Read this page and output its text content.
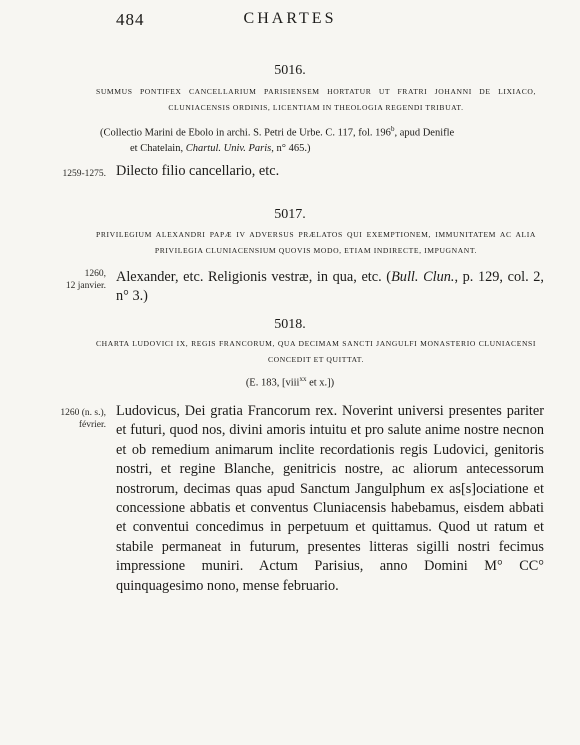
484	CHARTES
5016.
SUMMUS PONTIFEX CANCELLARIUM PARISIENSEM HORTATUR UT FRATRI JOHANNI DE LIXIACO, CLUNIACENSIS ORDINIS, LICENTIAM IN THEOLOGIA REGENDI TRIBUAT.
(Collectio Marini de Ebolo in archi. S. Petri de Urbe. C. 117, fol. 196$^b$, apud Denifle
et Chatelain, Chartul. Univ. Paris, n° 465.)
1259-1275. Dilecto filio cancellario, etc.
5017.
PRIVILEGIUM ALEXANDRI PAPÆ IV ADVERSUS PRÆLATOS QUI EXEMPTIONEM, IMMUNITATEM AC ALIA PRIVILEGIA CLUNIACENSIUM QUOVIS MODO, ETIAM INDIRECTE, IMPUGNANT.
1260,
12 janvier.
Alexander, etc. Religionis vestræ, in qua, etc. (Bull. Clun., p. 129, col. 2, n° 3.)
5018.
CHARTA LUDOVICI IX, REGIS FRANCORUM, QUA DECIMAM SANCTI JANGULFI MONASTERIO CLUNIACENSI CONCEDIT ET QUITTAT.
(E. 183, [viii$^{xx}$ et x.])
1260 (n. s.),
février.
Ludovicus, Dei gratia Francorum rex. Noverint universi presentes pariter et futuri, quod nos, divini amoris intuitu et pro salute anime nostre necnon et ob remedium animarum inclite recordationis regis Ludovici, genitoris nostri, et regine Blanche, genitricis nostre, ac aliorum antecessorum nostrorum, decimas quas apud Sanctum Jangulphum ex as[s]ociatione et concessione abbatis et conventus Cluniacensis habebamus, eisdem abbati et conventui concedimus in perpetuum et quittamus. Quod ut ratum et stabile permaneat in futurum, presentes litteras sigilli nostri fecimus impressione muniri. Actum Parisius, anno Domini M° CC° quinquagesimo nono, mense februario.
